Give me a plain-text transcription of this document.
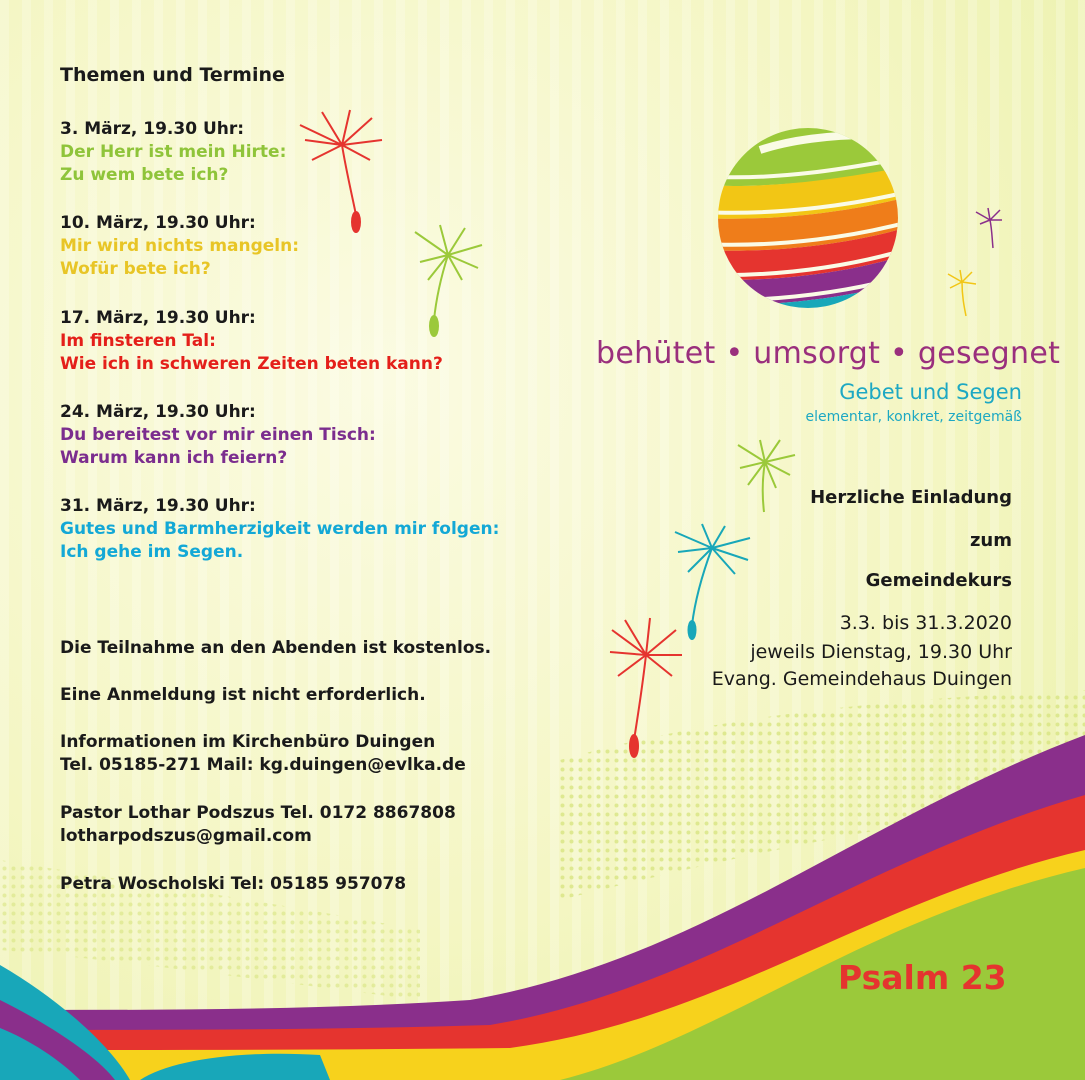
Themen und Termine

3. März, 19.30 Uhr:

Der Herr ist mein Hirte:

Zu wem bete ich?

10. März, 19.30 Uhr:

Mir wird nichts mangeln:

Wofür bete ich?

17. März, 19.30 Uhr:

Im finsteren Tal:

Wie ich in schweren Zeiten beten kann?

24. März, 19.30 Uhr:

Du bereitest vor mir einen Tisch:

Warum kann ich feiern?

31. März, 19.30 Uhr:

Gutes und Barmherzigkeit werden mir folgen:

Ich gehe im Segen.

Die Teilnahme an den Abenden ist kostenlos.

Eine Anmeldung ist nicht erforderlich.

Informationen im Kirchenbüro Duingen

Tel. 05185-271 Mail: kg.duingen@evlka.de

Pastor Lothar Podszus Tel. 0172 8867808

lotharpodszus@gmail.com

Petra Woscholski Tel: 05185 957078

behütet • umsorgt • gesegnet

Gebet und Segen

elementar, konkret, zeitgemäß

Herzliche Einladung

zum

Gemeindekurs

3.3. bis 31.3.2020

jeweils Dienstag, 19.30 Uhr

Evang. Gemeindehaus Duingen

Psalm 23
